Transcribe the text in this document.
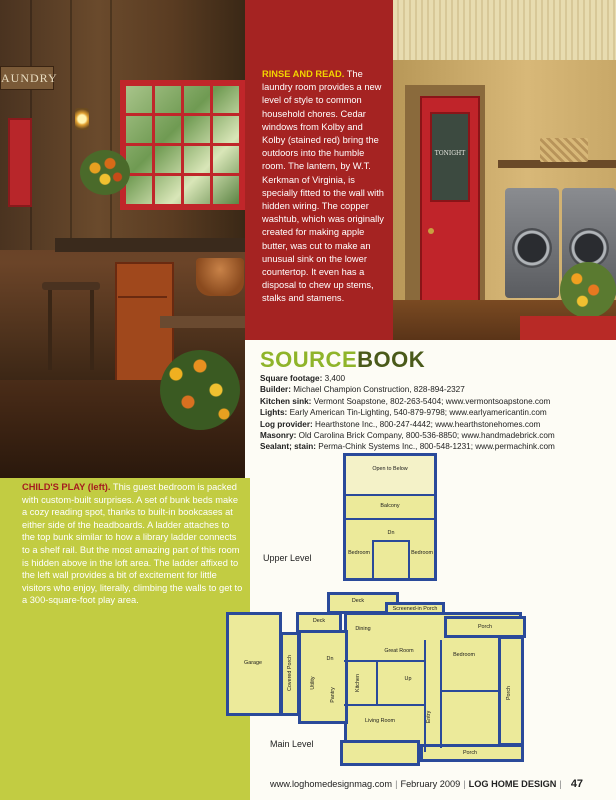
AUNDRY	RINSE AND READ. The laundry room provides a new level of style to common household chores. Cedar windows from Kolby and Kolby (stained red) bring the outdoors into the humble room. The lantern, by W.T. Kerkman of Virginia, is specially fitted to the wall with hidden wiring. The copper washtub, which was originally created for making apple butter, was cut to make an unusual sink on the lower countertop. It even has a disposal to chew up stems, stalks and stamens.
TONIGHT
SOURCEBOOK
Square footage: 3,400
Builder: Michael Champion Construction, 828-894-2327
Kitchen sink: Vermont Soapstone, 802-263-5404; www.vermontsoapstone.com
Lights: Early American Tin-Lighting, 540-879-9798; www.earlyamericantin.com
Log provider: Hearthstone Inc., 800-247-4442; www.hearthstonehomes.com
Masonry: Old Carolina Brick Company, 800-536-8850; www.handmadebrick.com
Sealant; stain: Perma-Chink Systems Inc., 800-548-1231; www.permachink.com
CHILD'S PLAY (left). This guest bedroom is packed with custom-built surprises. A set of bunk beds make a cozy reading spot, thanks to built-in bookcases at either side of the headboards. A ladder attaches to the top bunk similar to how a library ladder connects to a shelf rail. But the most amazing part of this room is hidden above in the loft area. The ladder affixed to the left wall provides a bit of excitement for little visitors who enjoy, literally, climbing the walls to get to a 300-square-foot play area.
Open to Below
Balcony
Dn
Bedroom	Bedroom
Upper Level
Deck
Screened-in Porch
Porch
Deck
Dining
Great Room
Bedroom
Garage	Covered Porch	Utility
Dn
Pantry
Kitchen	Up
Entry
Porch
Living Room
Porch
Main Level
www.loghomedesignmag.com | February 2009 | LOG HOME DESIGN | 47
